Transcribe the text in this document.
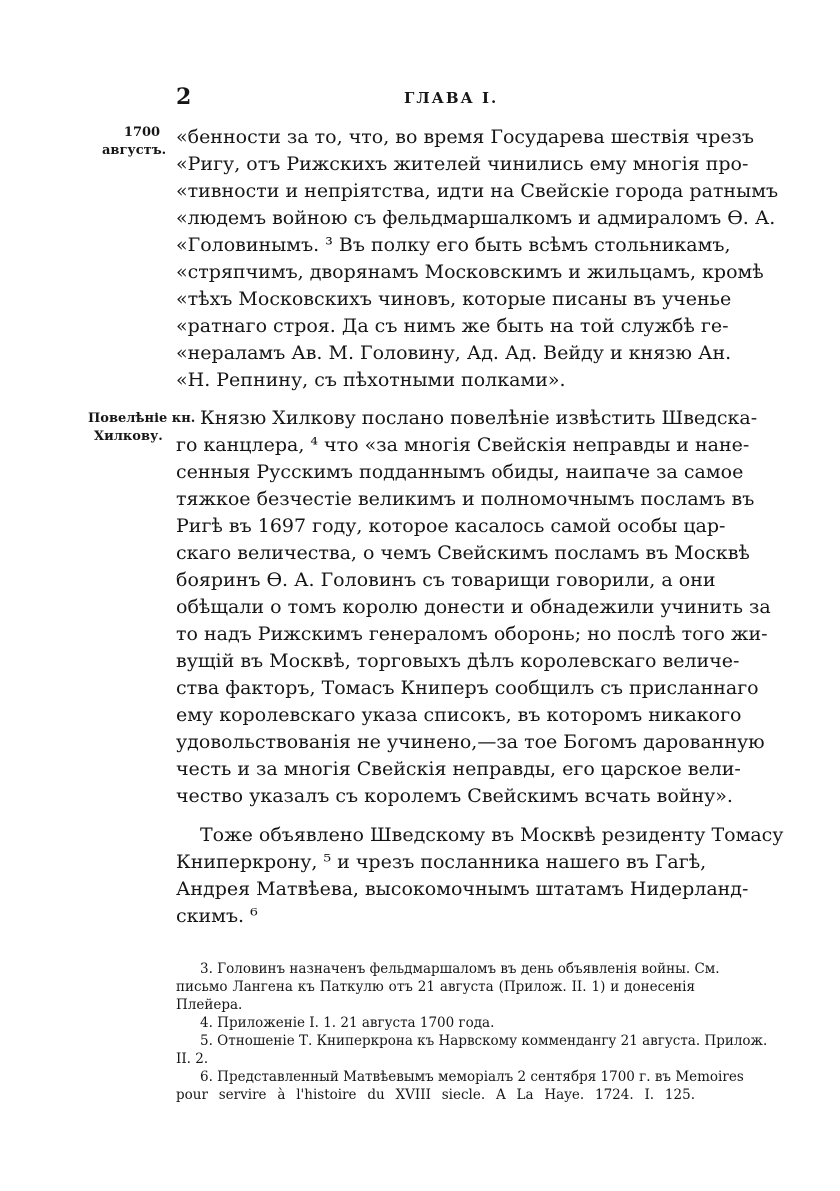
2	ГЛАВА I.
1700
августъ.
Повелѣніе кн.
Хилкову.
«бенности за то, что, во время Государева шествія чрезъ
«Ригу, отъ Рижскихъ жителей чинились ему многія про-
«тивности и непріятства, идти на Свейскіе города ратнымъ
«людемъ войною съ фельдмаршалкомъ и адмираломъ Ѳ. А.
«Головинымъ. ³ Въ полку его быть всѣмъ стольникамъ,
«стряпчимъ, дворянамъ Московскимъ и жильцамъ, кромѣ
«тѣхъ Московскихъ чиновъ, которые писаны въ ученье
«ратнаго строя. Да съ нимъ же быть на той службѣ ге-
«нераламъ Ав. М. Головину, Ад. Ад. Вейду и князю Ан.
«Н. Репнину, съ пѣхотными полками».
Князю Хилкову послано повелѣніе извѣстить Шведска-
го канцлера, ⁴ что «за многія Свейскія неправды и нане-
сенныя Русскимъ подданнымъ обиды, наипаче за самое
тяжкое безчестіе великимъ и полномочнымъ посламъ въ
Ригѣ въ 1697 году, которое касалось самой особы цар-
скаго величества, о чемъ Свейскимъ посламъ въ Москвѣ
бояринъ Ѳ. А. Головинъ съ товарищи говорили, а они
обѣщали о томъ королю донести и обнадежили учинить за
то надъ Рижскимъ генераломъ оборонь; но послѣ того жи-
вущій въ Москвѣ, торговыхъ дѣлъ королевскаго величе-
ства факторъ, Томасъ Книперъ сообщилъ съ присланнаго
ему королевскаго указа списокъ, въ которомъ никакого
удовольствованія не учинено,—за тое Богомъ дарованную
честь и за многія Свейскія неправды, его царское вели-
чество указалъ съ королемъ Свейскимъ всчать войну».
Тоже объявлено Шведскому въ Москвѣ резиденту Томасу
Книперкрону, ⁵ и чрезъ посланника нашего въ Гагѣ,
Андрея Матвѣева, высокомочнымъ штатамъ Нидерланд-
скимъ. ⁶
3. Головинъ назначенъ фельдмаршаломъ въ день объявленія войны. См.
письмо Лангена къ Паткулю отъ 21 августа (Прилож. II. 1) и донесенія
Плейера.
4. Приложеніе I. 1. 21 августа 1700 года.
5. Отношеніе Т. Книперкрона къ Нарвскому коммендангу 21 августа. Прилож.
II. 2.
6. Представленный Матвѣевымъ меморіалъ 2 сентября 1700 г. въ Memoires
pour servire à l'histoire du XVIII siecle. A La Haye. 1724. I. 125.
